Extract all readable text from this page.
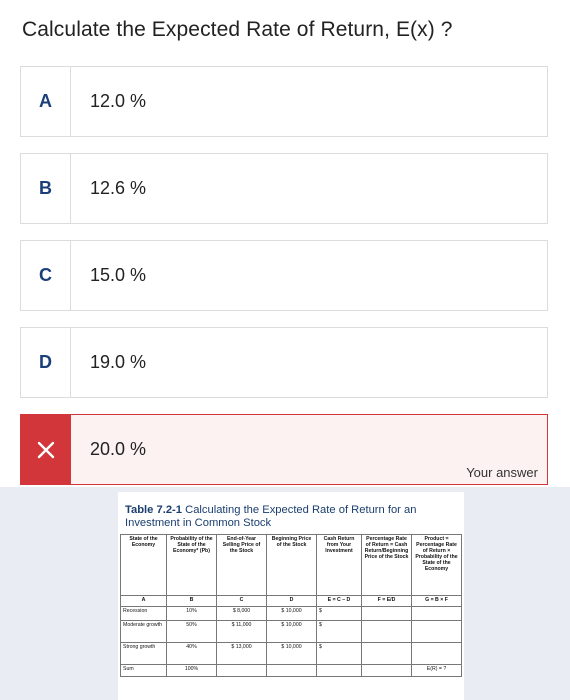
Calculate the Expected Rate of Return, E(x) ?
A	12.0 %
B	12.6 %
C	15.0 %
D	19.0 %
20.0 %
Your answer
Table 7.2-1 Calculating the Expected Rate of Return for an Investment in Common Stock
State of the Economy	Probability of the State of the Economy* (Pb)	End-of-Year Selling Price of the Stock	Beginning Price of the Stock	Cash Return from Your Investment	Percentage Rate of Return = Cash Return/Beginning Price of the Stock	Product = Percentage Rate of Return × Probability of the State of the Economy
A	B	C	D	E = C – D	F = E/D	G = B × F
Recession	10%	$ 8,000	$ 10,000	$		
Moderate growth	50%	$ 11,000	$ 10,000	$		
Strong growth	40%	$ 13,000	$ 10,000	$		
Sum	100%					E(R) = ?
